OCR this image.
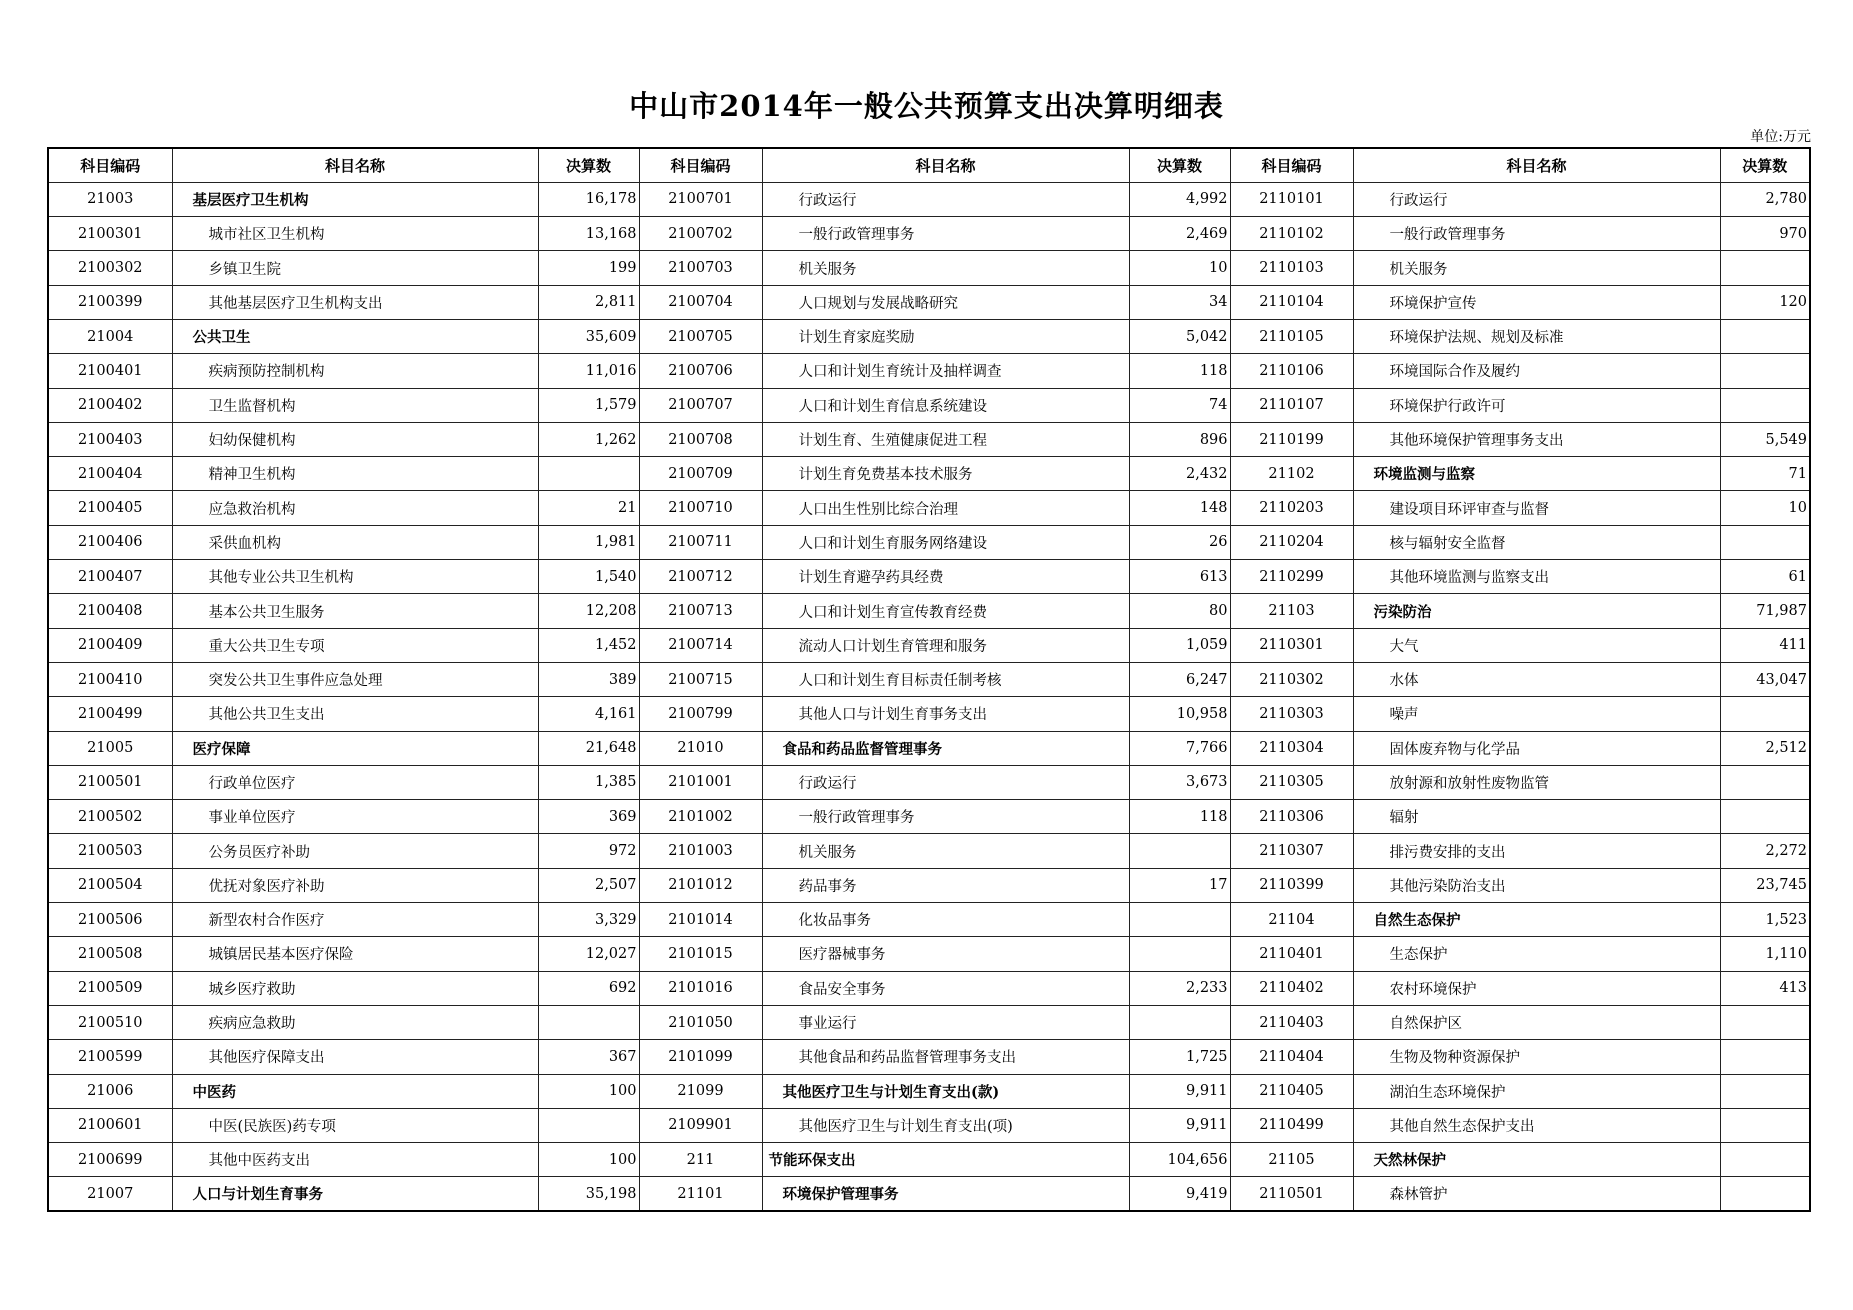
中山市2014年一般公共预算支出决算明细表
单位:万元
科目编码	科目名称	决算数	科目编码	科目名称	决算数	科目编码	科目名称	决算数
21003	基层医疗卫生机构	16,178	2100701	行政运行	4,992	2110101	行政运行	2,780
2100301	城市社区卫生机构	13,168	2100702	一般行政管理事务	2,469	2110102	一般行政管理事务	970
2100302	乡镇卫生院	199	2100703	机关服务	10	2110103	机关服务	
2100399	其他基层医疗卫生机构支出	2,811	2100704	人口规划与发展战略研究	34	2110104	环境保护宣传	120
21004	公共卫生	35,609	2100705	计划生育家庭奖励	5,042	2110105	环境保护法规、规划及标准	
2100401	疾病预防控制机构	11,016	2100706	人口和计划生育统计及抽样调查	118	2110106	环境国际合作及履约	
2100402	卫生监督机构	1,579	2100707	人口和计划生育信息系统建设	74	2110107	环境保护行政许可	
2100403	妇幼保健机构	1,262	2100708	计划生育、生殖健康促进工程	896	2110199	其他环境保护管理事务支出	5,549
2100404	精神卫生机构		2100709	计划生育免费基本技术服务	2,432	21102	环境监测与监察	71
2100405	应急救治机构	21	2100710	人口出生性别比综合治理	148	2110203	建设项目环评审查与监督	10
2100406	采供血机构	1,981	2100711	人口和计划生育服务网络建设	26	2110204	核与辐射安全监督	
2100407	其他专业公共卫生机构	1,540	2100712	计划生育避孕药具经费	613	2110299	其他环境监测与监察支出	61
2100408	基本公共卫生服务	12,208	2100713	人口和计划生育宣传教育经费	80	21103	污染防治	71,987
2100409	重大公共卫生专项	1,452	2100714	流动人口计划生育管理和服务	1,059	2110301	大气	411
2100410	突发公共卫生事件应急处理	389	2100715	人口和计划生育目标责任制考核	6,247	2110302	水体	43,047
2100499	其他公共卫生支出	4,161	2100799	其他人口与计划生育事务支出	10,958	2110303	噪声	
21005	医疗保障	21,648	21010	食品和药品监督管理事务	7,766	2110304	固体废弃物与化学品	2,512
2100501	行政单位医疗	1,385	2101001	行政运行	3,673	2110305	放射源和放射性废物监管	
2100502	事业单位医疗	369	2101002	一般行政管理事务	118	2110306	辐射	
2100503	公务员医疗补助	972	2101003	机关服务		2110307	排污费安排的支出	2,272
2100504	优抚对象医疗补助	2,507	2101012	药品事务	17	2110399	其他污染防治支出	23,745
2100506	新型农村合作医疗	3,329	2101014	化妆品事务		21104	自然生态保护	1,523
2100508	城镇居民基本医疗保险	12,027	2101015	医疗器械事务		2110401	生态保护	1,110
2100509	城乡医疗救助	692	2101016	食品安全事务	2,233	2110402	农村环境保护	413
2100510	疾病应急救助		2101050	事业运行		2110403	自然保护区	
2100599	其他医疗保障支出	367	2101099	其他食品和药品监督管理事务支出	1,725	2110404	生物及物种资源保护	
21006	中医药	100	21099	其他医疗卫生与计划生育支出(款)	9,911	2110405	湖泊生态环境保护	
2100601	中医(民族医)药专项		2109901	其他医疗卫生与计划生育支出(项)	9,911	2110499	其他自然生态保护支出	
2100699	其他中医药支出	100	211	节能环保支出	104,656	21105	天然林保护	
21007	人口与计划生育事务	35,198	21101	环境保护管理事务	9,419	2110501	森林管护	
